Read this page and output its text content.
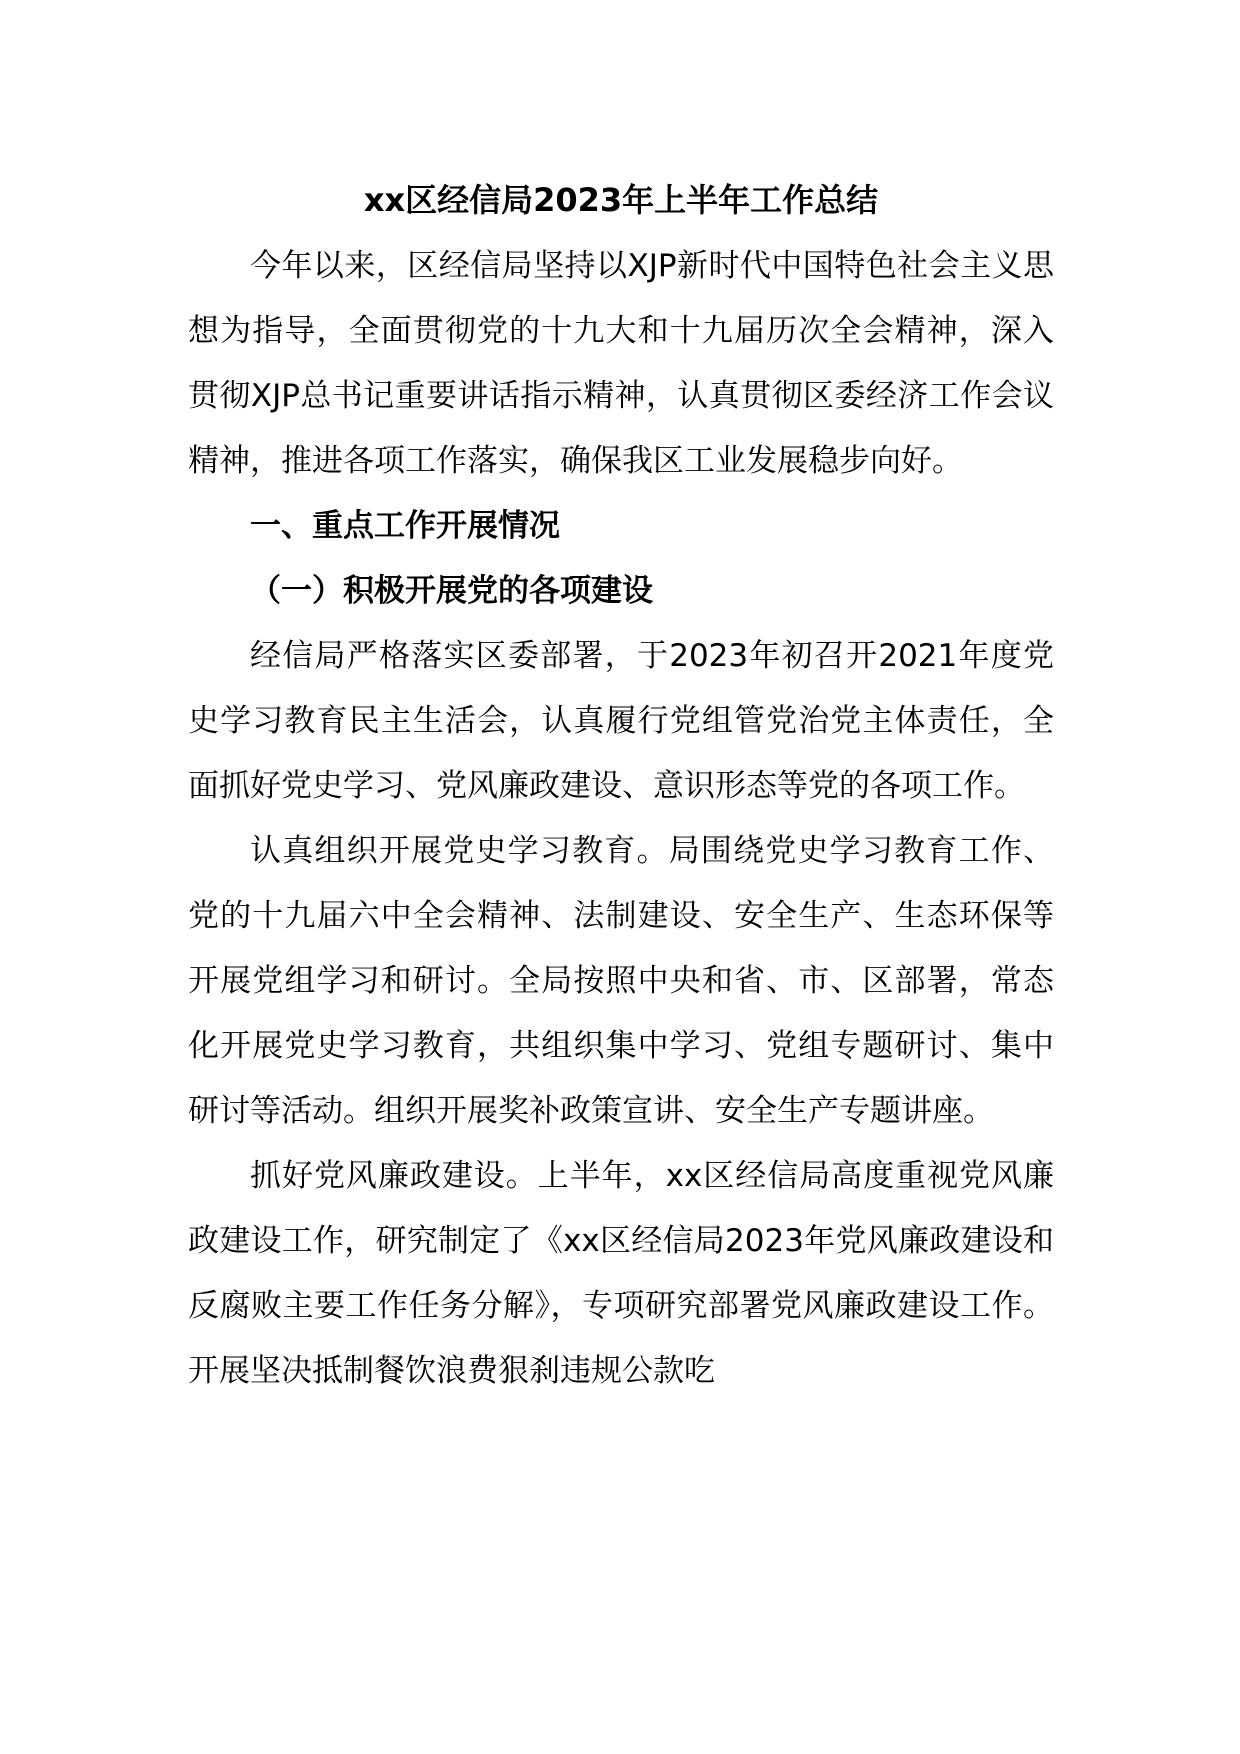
xx区经信局2023年上半年工作总结

今年以来，区经信局坚持以XJP新时代中国特色社会主义思想为指导，全面贯彻党的十九大和十九届历次全会精神，深入贯彻XJP总书记重要讲话指示精神，认真贯彻区委经济工作会议精神，推进各项工作落实，确保我区工业发展稳步向好。

一、重点工作开展情况
（一）积极开展党的各项建设

经信局严格落实区委部署，于2023年初召开2021年度党史学习教育民主生活会，认真履行党组管党治党主体责任，全面抓好党史学习、党风廉政建设、意识形态等党的各项工作。

认真组织开展党史学习教育。局围绕党史学习教育工作、党的十九届六中全会精神、法制建设、安全生产、生态环保等开展党组学习和研讨。全局按照中央和省、市、区部署，常态化开展党史学习教育，共组织集中学习、党组专题研讨、集中研讨等活动。组织开展奖补政策宣讲、安全生产专题讲座。

抓好党风廉政建设。上半年，xx区经信局高度重视党风廉政建设工作，研究制定了《xx区经信局2023年党风廉政建设和反腐败主要工作任务分解》，专项研究部署党风廉政建设工作。开展坚决抵制餐饮浪费狠刹违规公款吃
